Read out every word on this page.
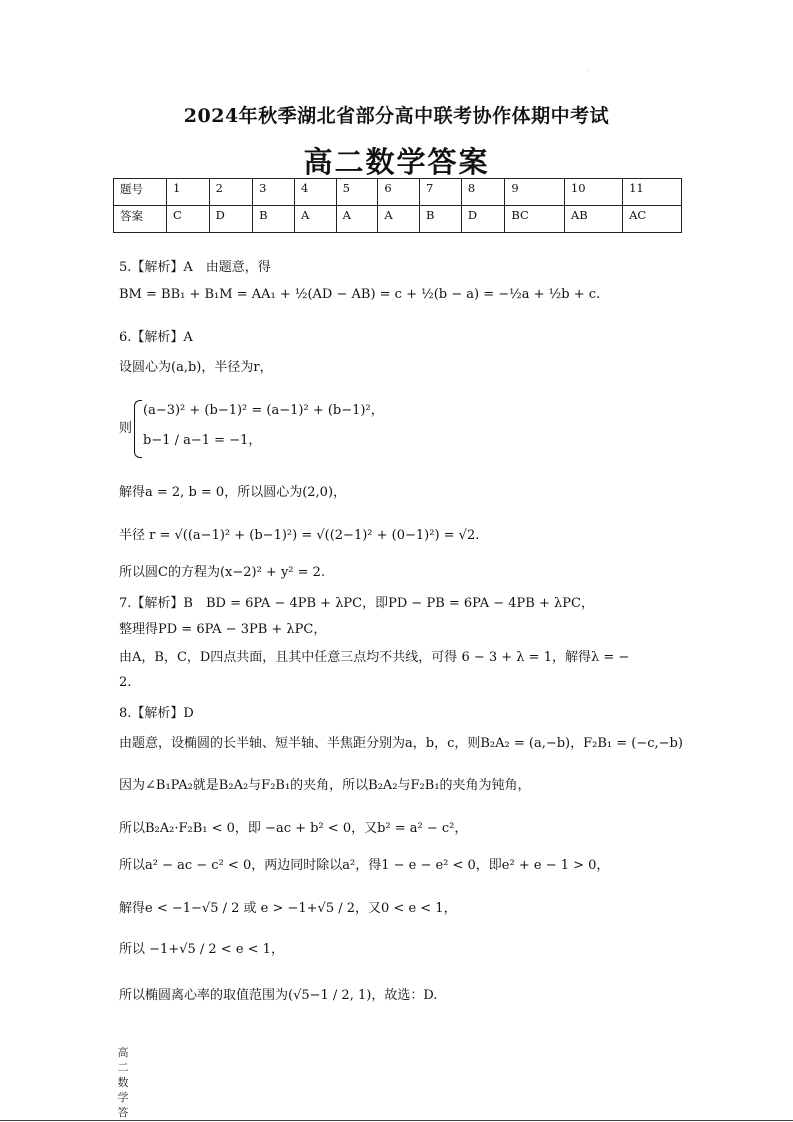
.
2024年秋季湖北省部分高中联考协作体期中考试
高二数学答案
题号	1	2	3	4	5	6	7	8	9	10	11
答案	C	D	B	A	A	A	B	D	BC	AB	AC
5.【解析】A　由题意，得
BM = BB₁ + B₁M = AA₁ + ½(AD − AB) = c + ½(b − a) = −½a + ½b + c.
6.【解析】A
设圆心为(a,b)，半径为r，
则
(a−3)² + (b−1)² = (a−1)² + (b−1)²，
b−1 / a−1 = −1，
解得a = 2, b = 0，所以圆心为(2,0)，
半径 r = √((a−1)² + (b−1)²) = √((2−1)² + (0−1)²) = √2.
所以圆C的方程为(x−2)² + y² = 2.
7.【解析】B　BD = 6PA − 4PB + λPC，即PD − PB = 6PA − 4PB + λPC，
整理得PD = 6PA − 3PB + λPC，
由A，B，C，D四点共面，且其中任意三点均不共线，可得 6 − 3 + λ = 1，解得λ = −
2.
8.【解析】D
由题意，设椭圆的长半轴、短半轴、半焦距分别为a，b，c，则B₂A₂ = (a,−b)，F₂B₁ = (−c,−b)
因为∠B₁PA₂就是B₂A₂与F₂B₁的夹角，所以B₂A₂与F₂B₁的夹角为钝角，
所以B₂A₂·F₂B₁ < 0，即 −ac + b² < 0，又b² = a² − c²，
所以a² − ac − c² < 0，两边同时除以a²，得1 − e − e² < 0，即e² + e − 1 > 0，
解得e < −1−√5 / 2 或 e > −1+√5 / 2，又0 < e < 1，
所以 −1+√5 / 2 < e < 1，
所以椭圆离心率的取值范围为(√5−1 / 2, 1)，故选：D.
高
二
数
学
答
